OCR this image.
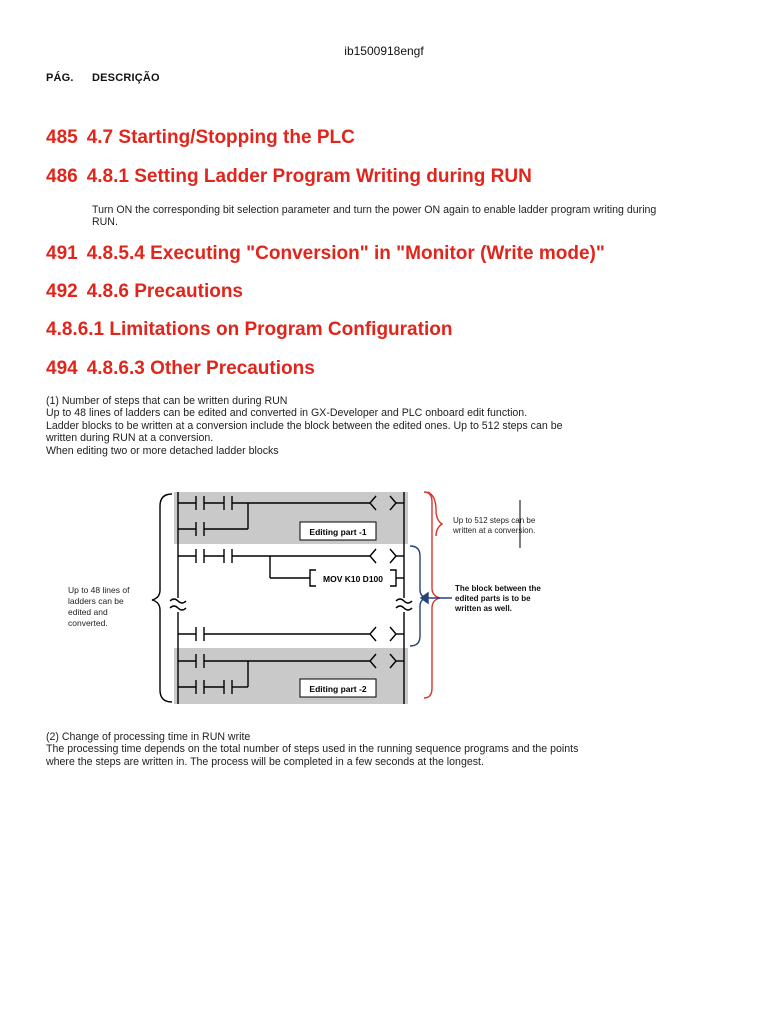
ib1500918engf
PÁG. DESCRIÇÃO
485 4.7 Starting/Stopping the PLC
486 4.8.1 Setting Ladder Program Writing during RUN
Turn ON the corresponding bit selection parameter and turn the power ON again to enable ladder program writing during
RUN.
491 4.8.5.4 Executing "Conversion" in "Monitor (Write mode)"
492 4.8.6 Precautions
4.8.6.1 Limitations on Program Configuration
494 4.8.6.3 Other Precautions
(1) Number of steps that can be written during RUN
Up to 48 lines of ladders can be edited and converted in GX-Developer and PLC onboard edit function.
Ladder blocks to be written at a conversion include the block between the edited ones. Up to 512 steps can be
written during RUN at a conversion.
When editing two or more detached ladder blocks
Editing part -1
Editing part -2
MOV K10 D100
Up to 48 lines of
ladders can be
edited and
converted.
Up to 512 steps can be
written at a conversion.
The block between the
edited parts is to be
written as well.
(2) Change of processing time in RUN write
The processing time depends on the total number of steps used in the running sequence programs and the points
where the steps are written in. The process will be completed in a few seconds at the longest.
